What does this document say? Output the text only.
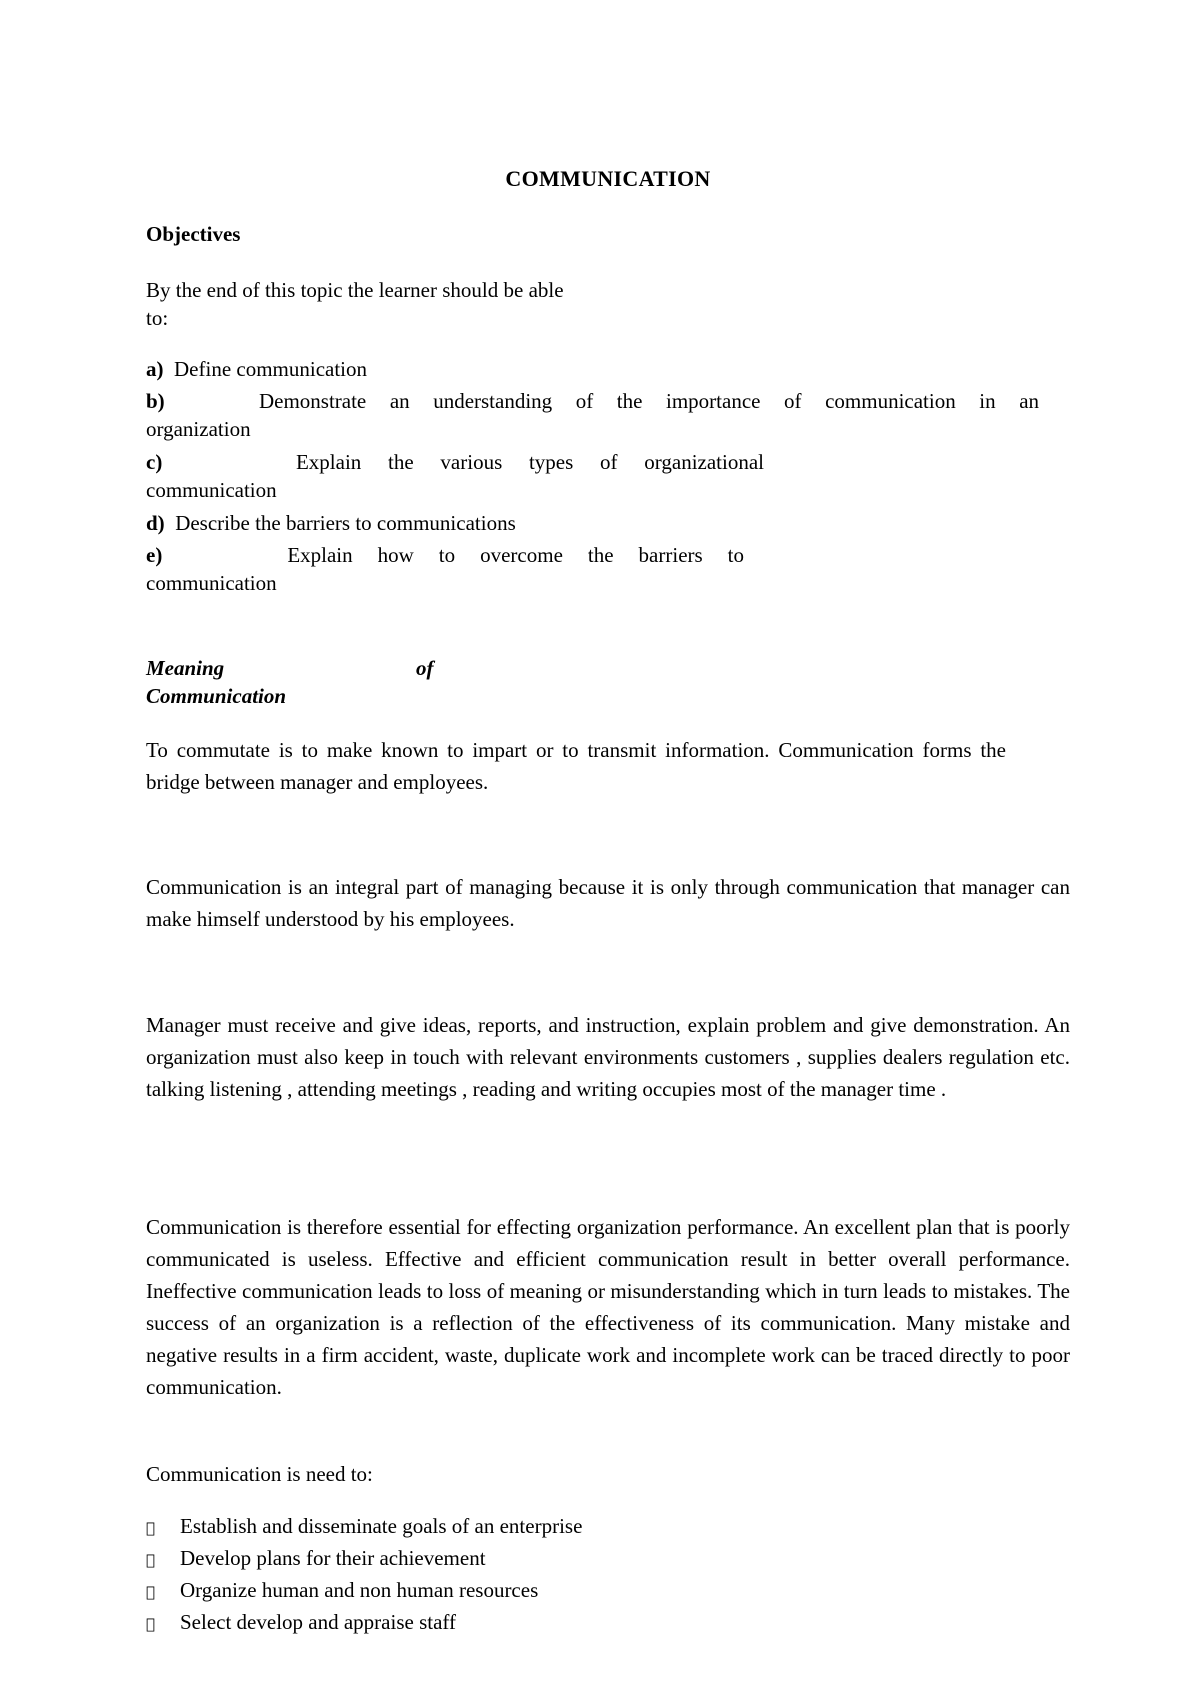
COMMUNICATION
Objectives
By the end of this topic the learner should be able
to:
a) Define communication
b)	Demonstrate an understanding of the importance of communication in an
organization
c)	Explain the various types of organizational
communication
d) Describe the barriers to communications
e)	Explain how to overcome the barriers to
communication
Meaning	of
Communication
To commutate is to make known to impart or to transmit information. Communication forms the bridge between manager and employees.
Communication is an integral part of managing because it is only through communication that manager can make himself understood by his employees.
Manager must receive and give ideas, reports, and instruction, explain problem and give demonstration. An organization must also keep in touch with relevant environments customers , supplies dealers regulation etc. talking listening , attending meetings , reading and writing occupies most of the manager time .
Communication is therefore essential for effecting organization performance. An excellent plan that is poorly communicated is useless. Effective and efficient communication result in better overall performance. Ineffective communication leads to loss of meaning or misunderstanding which in turn leads to mistakes. The success of an organization is a reflection of the effectiveness of its communication. Many mistake and negative results in a firm accident, waste, duplicate work and incomplete work can be traced directly to poor communication.
Communication is need to:
Establish and disseminate goals of an enterprise
Develop plans for their achievement
Organize human and non human resources
Select develop and appraise staff
